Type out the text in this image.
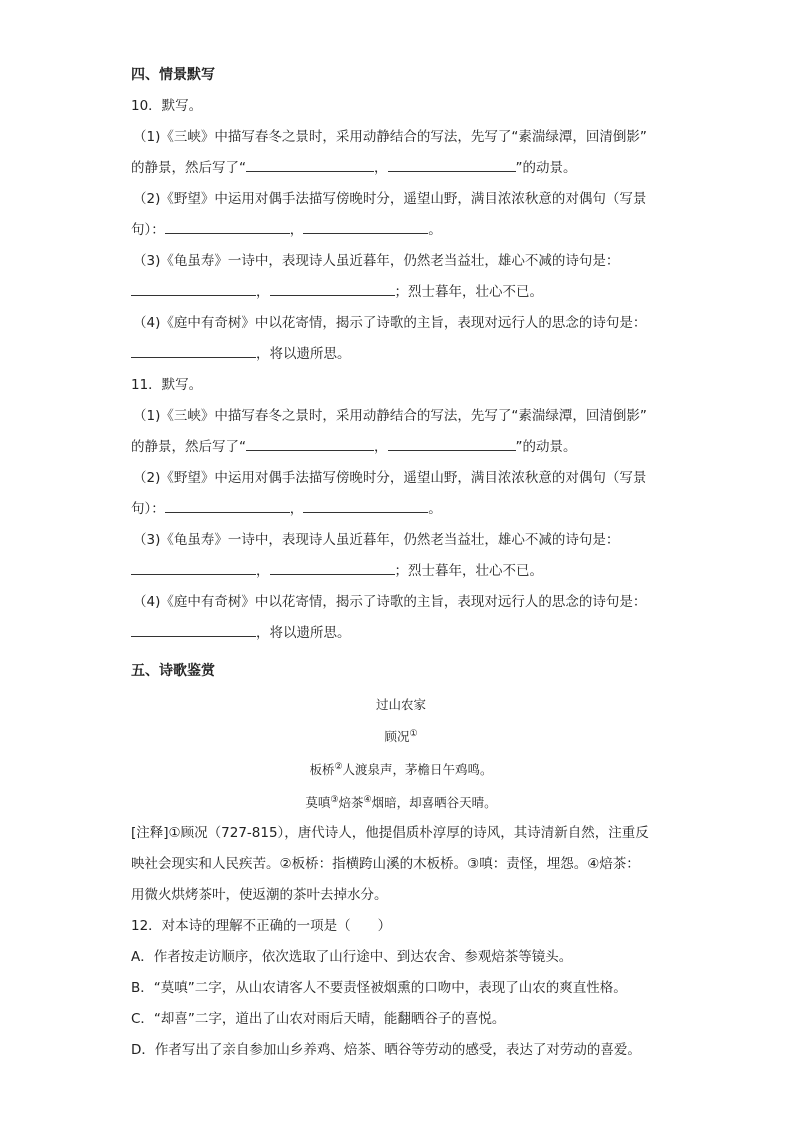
四、情景默写
10．默写。
（1)《三峡》中描写春冬之景时，采用动静结合的写法，先写了“素湍绿潭，回清倒影”
的静景，然后写了“	，	”的动景。
（2)《野望》中运用对偶手法描写傍晚时分，遥望山野，满目浓浓秋意的对偶句（写景
句）：	，	。
（3)《龟虽寿》一诗中，表现诗人虽近暮年，仍然老当益壮，雄心不减的诗句是：
，	；烈士暮年，壮心不已。
（4)《庭中有奇树》中以花寄情，揭示了诗歌的主旨，表现对远行人的思念的诗句是：
，将以遗所思。
11．默写。
（1)《三峡》中描写春冬之景时，采用动静结合的写法，先写了“素湍绿潭，回清倒影”
的静景，然后写了“	，	”的动景。
（2)《野望》中运用对偶手法描写傍晚时分，遥望山野，满目浓浓秋意的对偶句（写景
句）：	，	。
（3)《龟虽寿》一诗中，表现诗人虽近暮年，仍然老当益壮，雄心不减的诗句是：
，	；烈士暮年，壮心不已。
（4)《庭中有奇树》中以花寄情，揭示了诗歌的主旨，表现对远行人的思念的诗句是：
，将以遗所思。
五、诗歌鉴赏
过山农家
顾况①
板桥②人渡泉声，茅檐日午鸡鸣。
莫嗔③焙茶④烟暗，却喜晒谷天晴。
[注释]①顾况（727-815），唐代诗人，他提倡质朴淳厚的诗风，其诗清新自然，注重反
映社会现实和人民疾苦。②板桥：指横跨山溪的木板桥。③嗔：责怪，埋怨。④焙茶：
用微火烘烤茶叶，使返潮的茶叶去掉水分。
12．对本诗的理解不正确的一项是（　　）
A．作者按走访顺序，依次选取了山行途中、到达农舍、参观焙茶等镜头。
B．“莫嗔”二字，从山农请客人不要责怪被烟熏的口吻中，表现了山农的爽直性格。
C．“却喜”二字，道出了山农对雨后天晴，能翻晒谷子的喜悦。
D．作者写出了亲自参加山乡养鸡、焙茶、晒谷等劳动的感受，表达了对劳动的喜爱。
